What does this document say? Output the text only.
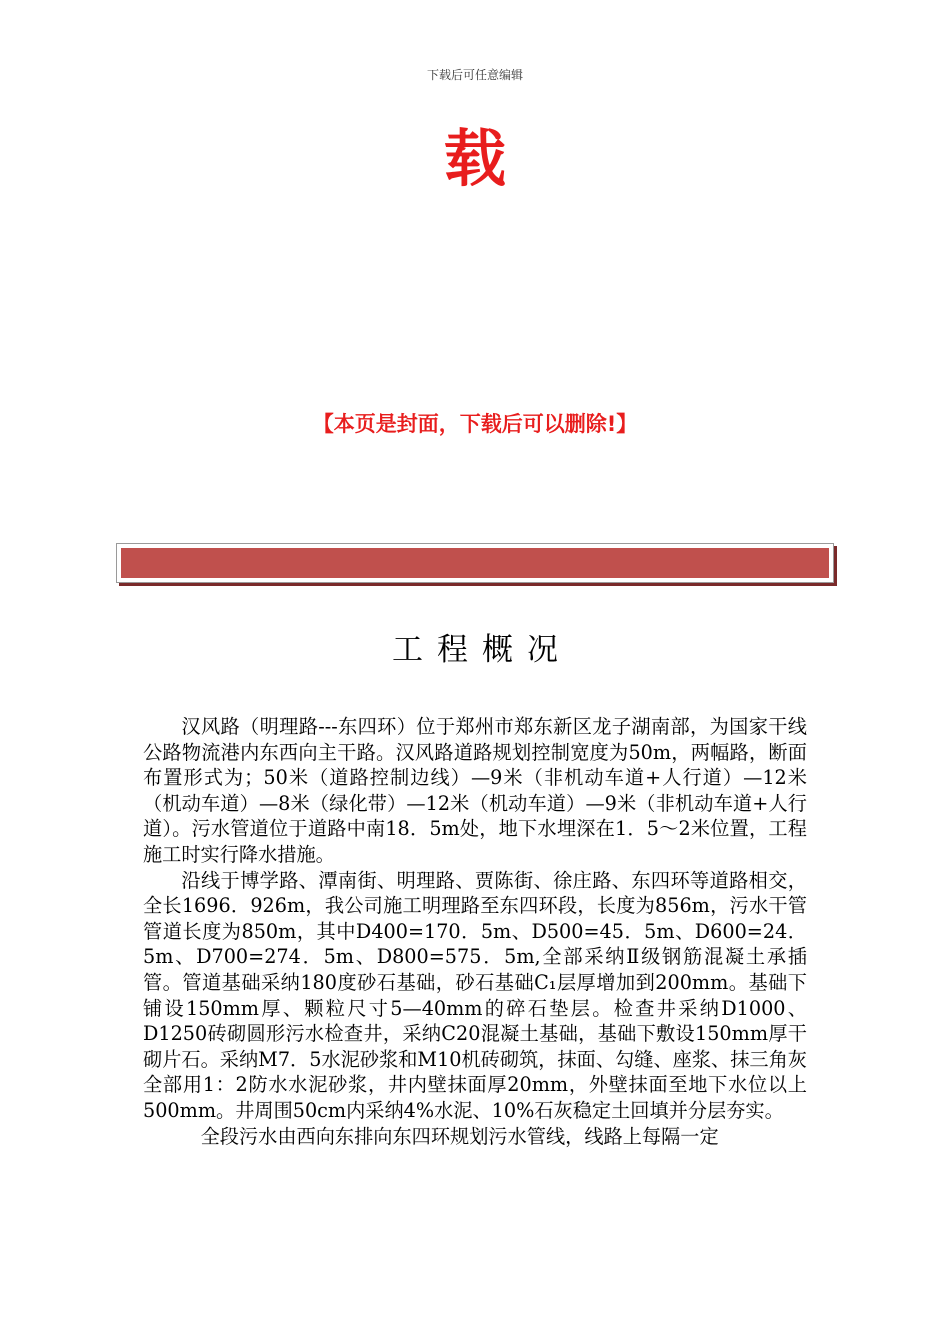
下载后可任意编辑
载
【本页是封面，下载后可以删除!】
工程概况

汉风路（明理路---东四环）位于郑州市郑东新区龙子湖南部，为国家干线公路物流港内东西向主干路。汉风路道路规划控制宽度为50m，两幅路，断面布置形式为；50米（道路控制边线）—9米（非机动车道+人行道）—12米（机动车道）—8米（绿化带）—12米（机动车道）—9米（非机动车道+人行道）。污水管道位于道路中南18．5m处，地下水埋深在1．5～2米位置，工程施工时实行降水措施。

沿线于博学路、潭南街、明理路、贾陈街、徐庄路、东四环等道路相交，全长1696．926m，我公司施工明理路至东四环段，长度为856m，污水干管管道长度为850m，其中D400=170．5m、D500=45．5m、D600=24．5m、D700=274．5m、D800=575．5m,全部采纳Ⅱ级钢筋混凝土承插管。管道基础采纳180度砂石基础，砂石基础C₁层厚增加到200mm。基础下铺设150mm厚、颗粒尺寸5—40mm的碎石垫层。检查井采纳D1000、D1250砖砌圆形污水检查井，采纳C20混凝土基础，基础下敷设150mm厚干砌片石。采纳M7．5水泥砂浆和M10机砖砌筑，抹面、勾缝、座浆、抹三角灰全部用1：2防水水泥砂浆，井内壁抹面厚20mm，外壁抹面至地下水位以上500mm。井周围50cm内采纳4%水泥、10%石灰稳定土回填并分层夯实。

全段污水由西向东排向东四环规划污水管线，线路上每隔一定
